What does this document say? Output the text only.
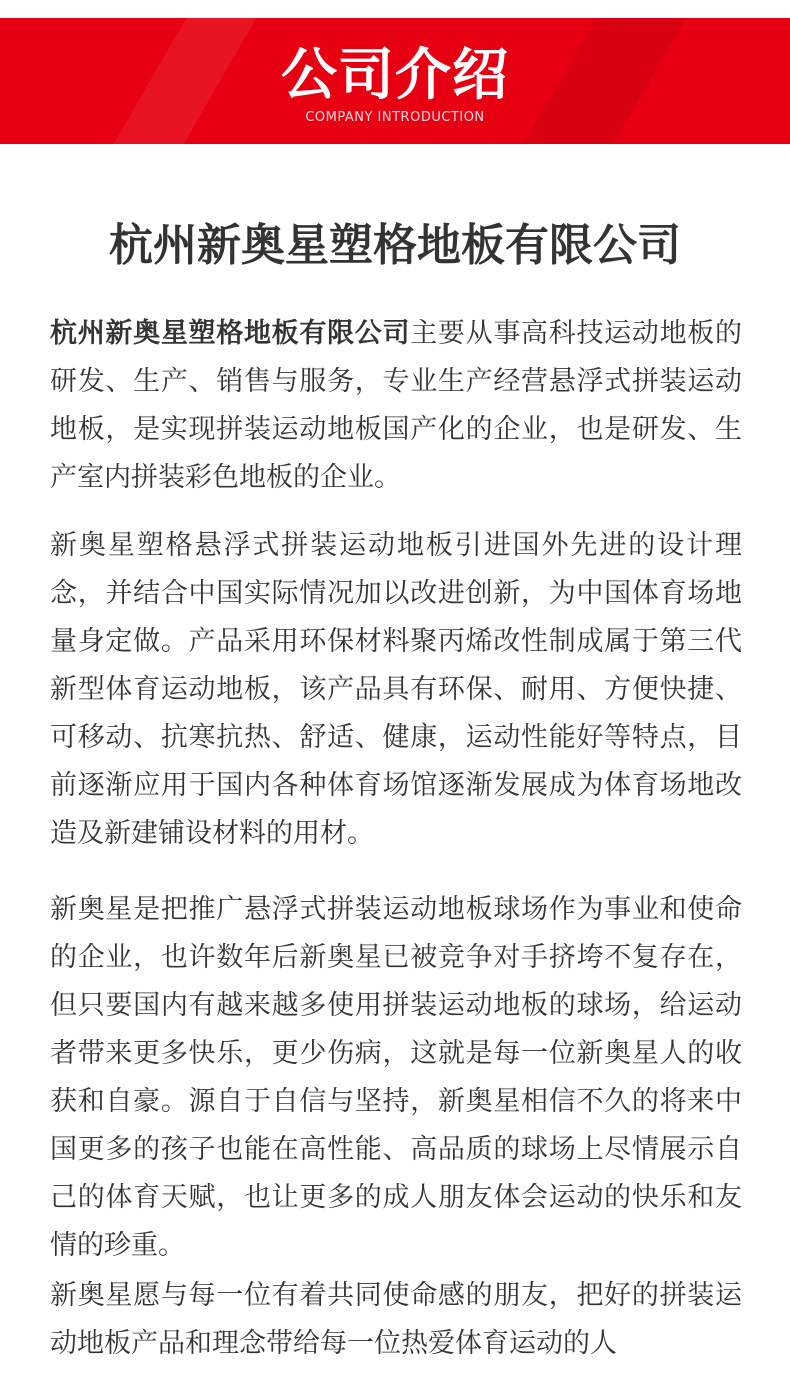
公司介绍
COMPANY INTRODUCTION
杭州新奥星塑格地板有限公司

杭州新奥星塑格地板有限公司主要从事高科技运动地板的研发、生产、销售与服务，专业生产经营悬浮式拼装运动地板，是实现拼装运动地板国产化的企业，也是研发、生产室内拼装彩色地板的企业。

新奥星塑格悬浮式拼装运动地板引进国外先进的设计理念，并结合中国实际情况加以改进创新，为中国体育场地量身定做。产品采用环保材料聚丙烯改性制成属于第三代新型体育运动地板，该产品具有环保、耐用、方便快捷、可移动、抗寒抗热、舒适、健康，运动性能好等特点，目前逐渐应用于国内各种体育场馆逐渐发展成为体育场地改造及新建铺设材料的用材。

新奥星是把推广悬浮式拼装运动地板球场作为事业和使命的企业，也许数年后新奥星已被竞争对手挤垮不复存在，但只要国内有越来越多使用拼装运动地板的球场，给运动者带来更多快乐，更少伤病，这就是每一位新奥星人的收获和自豪。源自于自信与坚持，新奥星相信不久的将来中国更多的孩子也能在高性能、高品质的球场上尽情展示自己的体育天赋，也让更多的成人朋友体会运动的快乐和友情的珍重。

新奥星愿与每一位有着共同使命感的朋友，把好的拼装运动地板产品和理念带给每一位热爱体育运动的人
